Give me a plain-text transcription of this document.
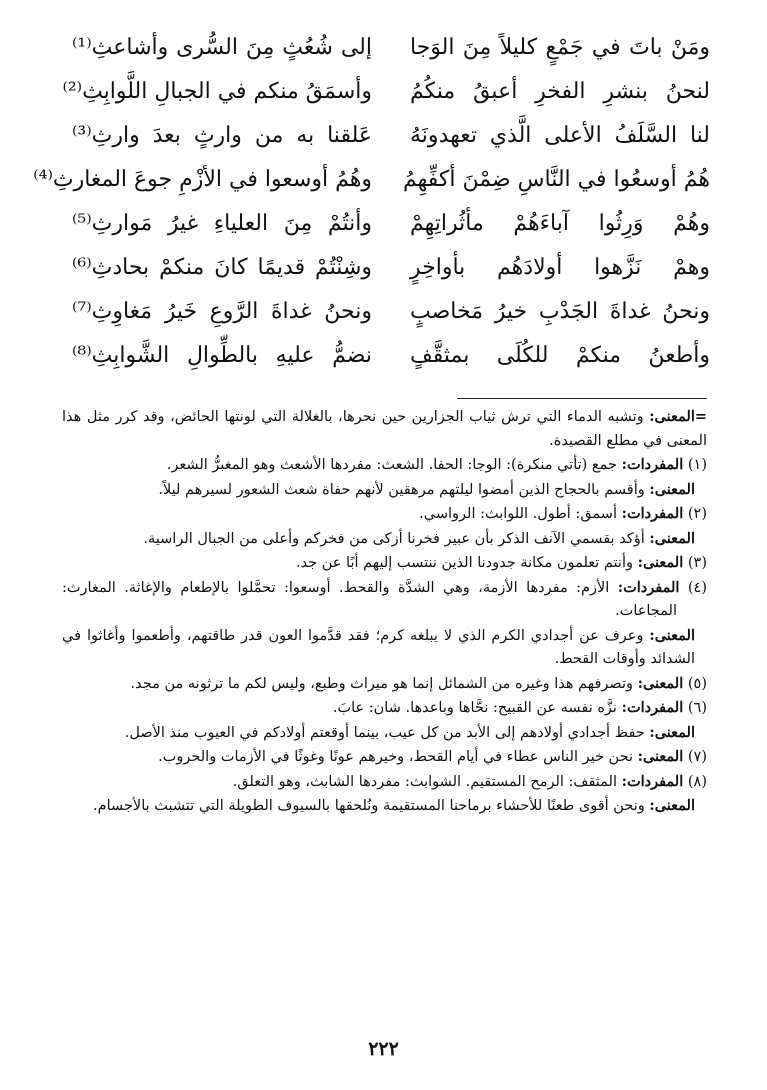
ومَنْ باتَ في جَمْعٍ كليلاً مِنَ الوَجا
إلى شُعُثٍ مِنَ السُّرى وأشاعثِ⁽¹⁾
لنحنُ بنشرِ الفخرِ أعبقُ منكُمُ
وأسمَقُ منكم في الجبالِ اللَّوابِثِ⁽²⁾
لنا السَّلَفُ الأعلى الَّذي تعهدونَهُ
عَلقنا به من وارثٍ بعدَ وارثِ⁽³⁾
هُمُ أوسعُوا في النَّاسِ ضِمْنَ أكفِّهِمُ
وهُمُ أوسعوا في الأزْمِ جوعَ المغارثِ⁽⁴⁾
وهُمْ وَرِثُوا آباءَهُمْ مأثُراتِهِمْ
وأنتُمْ مِنَ العلياءِ غيرُ مَوارثِ⁽⁵⁾
وهمْ نَزَّهوا أولادَهُم بأواخِرٍ
وشِنْتُمْ قديمًا كانَ منكمْ بحادثِ⁽⁶⁾
ونحنُ غداةَ الجَدْبِ خيرُ مَخاصبٍ
ونحنُ غداةَ الرَّوعِ خَيرُ مَغاوِثِ⁽⁷⁾
وأطعنُ منكمْ للكُلَى بمثقَّفٍ
نضمُّ عليهِ بالطِّوالِ الشَّوابِثِ⁽⁸⁾
=المعنى: وتشبه الدماء التي ترش ثياب الجزارين حين نحرها، بالغلالة التي لونتها الحائض، وقد كرر مثل هذا المعنى في مطلع القصيدة.
(١) المفردات: جمع (تأتي منكرة): الوجا: الحفا. الشعث: مفردها الأشعث وهو المغبرُّ الشعر.
المعنى: وأقسم بالحجاج الذين أمضوا ليلتهم مرهقين لأنهم حفاة شعث الشعور لسيرهم ليلاً.
(٢) المفردات: أسمق: أطول. اللوابث: الرواسي.
المعنى: أؤكد بقسمي الآنف الذكر بأن عبير فخرنا أزكى من فخركم وأعلى من الجبال الراسية.
(٣) المعنى: وأنتم تعلمون مكانة جدودنا الذين ننتسب إليهم أبًا عن جد.
(٤) المفردات: الأزم: مفردها الأزمة، وهي الشدَّة والقحط. أوسعوا: تحمَّلوا بالإطعام والإغاثة. المغارث: المجاعات.
المعنى: وعرف عن أجدادي الكرم الذي لا يبلغه كرم؛ فقد قدَّموا العون قدر طاقتهم، وأطعموا وأغاثوا في الشدائد وأوقات القحط.
(٥) المعنى: وتصرفهم هذا وغيره من الشمائل إنما هو ميراث وطبع، وليس لكم ما ترثونه من مجد.
(٦) المفردات: نزَّه نفسه عن القبيح: نحَّاها وباعدها. شان: عابَ.
المعنى: حفظ أجدادي أولادهم إلى الأبد من كل عيب، بينما أوقعتم أولادكم في العيوب منذ الأصل.
(٧) المعنى: نحن خير الناس عطاء في أيام القحط، وخيرهم عونًا وغوثًا في الأزمات والحروب.
(٨) المفردات: المثقف: الرمح المستقيم. الشوابث: مفردها الشابث، وهو التعلق.
المعنى: ونحن أقوى طعنًا للأحشاء برماحنا المستقيمة ونُلحقها بالسيوف الطويلة التي تتشبث بالأجسام.
٢٢٢
